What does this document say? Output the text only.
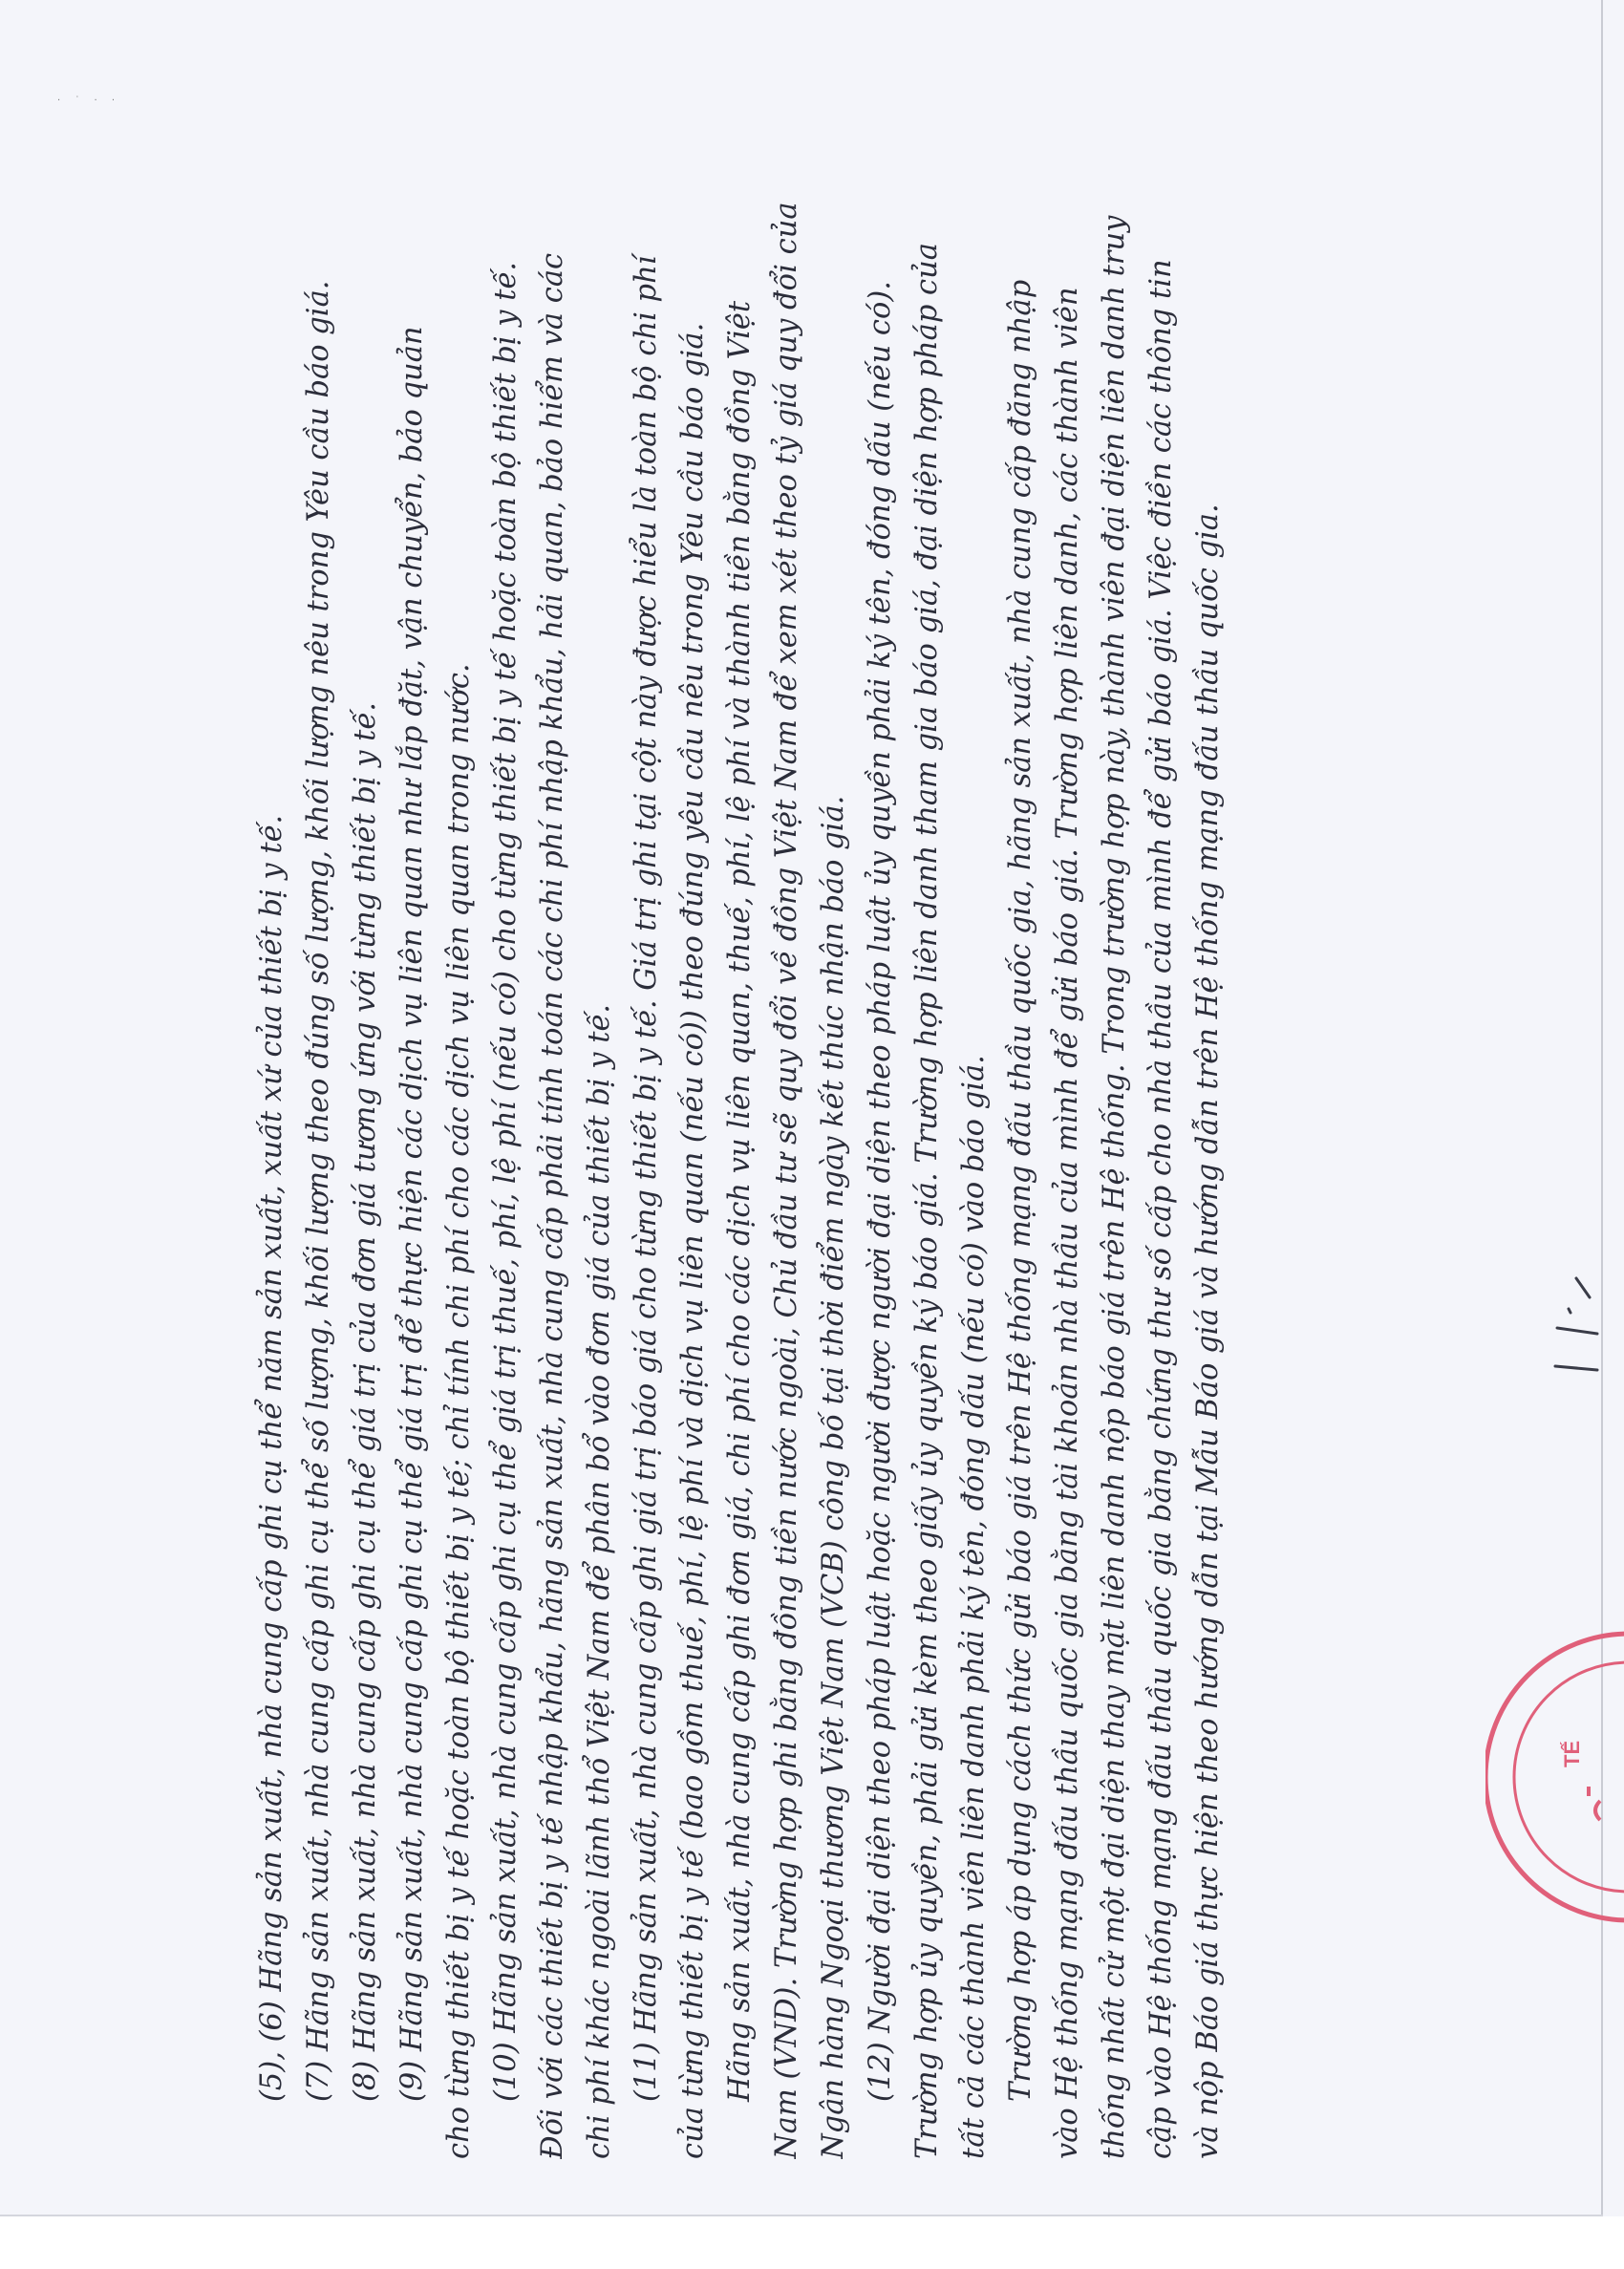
· ˙ · ·
TẾ
(5), (6) Hãng sản xuất, nhà cung cấp ghi cụ thể năm sản xuất, xuất xứ của thiết bị y tế. (7) Hãng sản xuất, nhà cung cấp ghi cụ thể số lượng, khối lượng theo đúng số lượng, khối lượng nêu trong Yêu cầu báo giá. (8) Hãng sản xuất, nhà cung cấp ghi cụ thể giá trị của đơn giá tương ứng với từng thiết bị y tế. (9) Hãng sản xuất, nhà cung cấp ghi cụ thể giá trị để thực hiện các dịch vụ liên quan như lắp đặt, vận chuyển, bảo quản cho từng thiết bị y tế hoặc toàn bộ thiết bị y tế; chỉ tính chi phí cho các dịch vụ liên quan trong nước. (10) Hãng sản xuất, nhà cung cấp ghi cụ thể giá trị thuế, phí, lệ phí (nếu có) cho từng thiết bị y tế hoặc toàn bộ thiết bị y tế. Đối với các thiết bị y tế nhập khẩu, hãng sản xuất, nhà cung cấp phải tính toán các chi phí nhập khẩu, hải quan, bảo hiểm và các chi phí khác ngoài lãnh thổ Việt Nam để phân bổ vào đơn giá của thiết bị y tế. (11) Hãng sản xuất, nhà cung cấp ghi giá trị báo giá cho từng thiết bị y tế. Giá trị ghi tại cột này được hiểu là toàn bộ chi phí của từng thiết bị y tế (bao gồm thuế, phí, lệ phí và dịch vụ liên quan (nếu có)) theo đúng yêu cầu nêu trong Yêu cầu báo giá. Hãng sản xuất, nhà cung cấp ghi đơn giá, chi phí cho các dịch vụ liên quan, thuế, phí, lệ phí và thành tiền bằng đồng Việt Nam (VND). Trường hợp ghi bằng đồng tiền nước ngoài, Chủ đầu tư sẽ quy đổi về đồng Việt Nam để xem xét theo tỷ giá quy đổi của Ngân hàng Ngoại thương Việt Nam (VCB) công bố tại thời điểm ngày kết thúc nhận báo giá. (12) Người đại diện theo pháp luật hoặc người được người đại diện theo pháp luật ủy quyền phải ký tên, đóng dấu (nếu có). Trường hợp ủy quyền, phải gửi kèm theo giấy ủy quyền ký báo giá. Trường hợp liên danh tham gia báo giá, đại diện hợp pháp của tất cả các thành viên liên danh phải ký tên, đóng dấu (nếu có) vào báo giá. Trường hợp áp dụng cách thức gửi báo giá trên Hệ thống mạng đấu thầu quốc gia, hãng sản xuất, nhà cung cấp đăng nhập vào Hệ thống mạng đấu thầu quốc gia bằng tài khoản nhà thầu của mình để gửi báo giá. Trường hợp liên danh, các thành viên thống nhất cử một đại diện thay mặt liên danh nộp báo giá trên Hệ thống. Trong trường hợp này, thành viên đại diện liên danh truy cập vào Hệ thống mạng đấu thầu quốc gia bằng chứng thư số cấp cho nhà thầu của mình để gửi báo giá. Việc điền các thông tin và nộp Báo giá thực hiện theo hướng dẫn tại Mẫu Báo giá và hướng dẫn trên Hệ thống mạng đấu thầu quốc gia.
